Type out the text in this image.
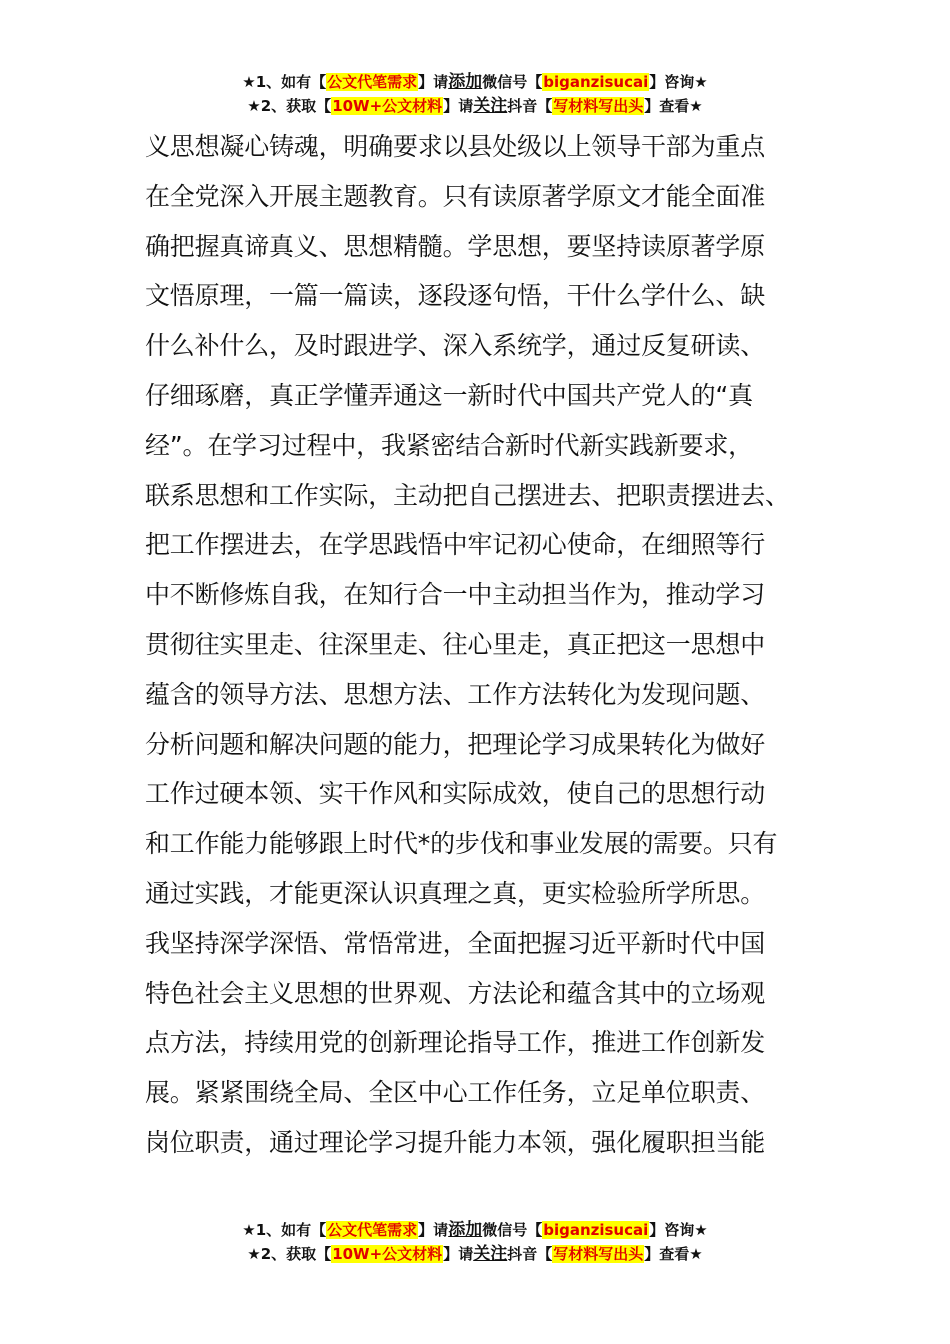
★1、如有【公文代笔需求】请添加微信号【biganzisucai】咨询★
★2、获取【10W+公文材料】请关注抖音【写材料写出头】查看★
义思想凝心铸魂，明确要求以县处级以上领导干部为重点
在全党深入开展主题教育。只有读原著学原文才能全面准
确把握真谛真义、思想精髓。学思想，要坚持读原著学原
文悟原理，一篇一篇读，逐段逐句悟，干什么学什么、缺
什么补什么，及时跟进学、深入系统学，通过反复研读、
仔细琢磨，真正学懂弄通这一新时代中国共产党人的“真
经”。在学习过程中，我紧密结合新时代新实践新要求，
联系思想和工作实际，主动把自己摆进去、把职责摆进去、
把工作摆进去，在学思践悟中牢记初心使命，在细照等行
中不断修炼自我，在知行合一中主动担当作为，推动学习
贯彻往实里走、往深里走、往心里走，真正把这一思想中
蕴含的领导方法、思想方法、工作方法转化为发现问题、
分析问题和解决问题的能力，把理论学习成果转化为做好
工作过硬本领、实干作风和实际成效，使自己的思想行动
和工作能力能够跟上时代*的步伐和事业发展的需要。只有
通过实践，才能更深认识真理之真，更实检验所学所思。
我坚持深学深悟、常悟常进，全面把握习近平新时代中国
特色社会主义思想的世界观、方法论和蕴含其中的立场观
点方法，持续用党的创新理论指导工作，推进工作创新发
展。紧紧围绕全局、全区中心工作任务，立足单位职责、
岗位职责，通过理论学习提升能力本领，强化履职担当能
★1、如有【公文代笔需求】请添加微信号【biganzisucai】咨询★
★2、获取【10W+公文材料】请关注抖音【写材料写出头】查看★
